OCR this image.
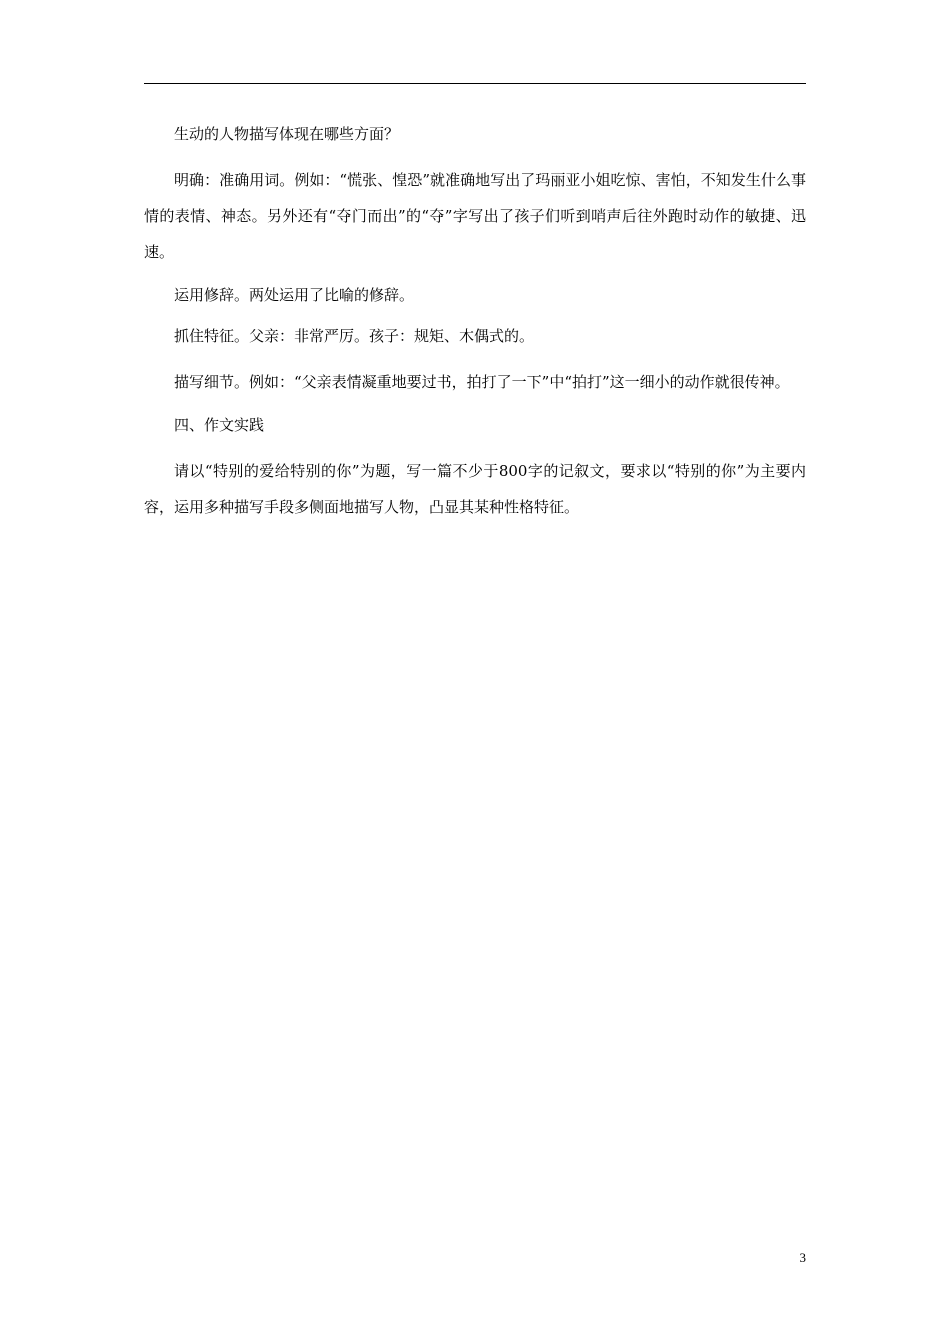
生动的人物描写体现在哪些方面？

明确：准确用词。例如：“慌张、惶恐”就准确地写出了玛丽亚小姐吃惊、害怕，不知发生什么事情的表情、神态。另外还有“夺门而出”的“夺”字写出了孩子们听到哨声后往外跑时动作的敏捷、迅速。

运用修辞。两处运用了比喻的修辞。

抓住特征。父亲：非常严厉。孩子：规矩、木偶式的。

描写细节。例如：“父亲表情凝重地要过书，拍打了一下”中“拍打”这一细小的动作就很传神。

四、作文实践

请以“特别的爱给特别的你”为题，写一篇不少于800字的记叙文，要求以“特别的你”为主要内容，运用多种描写手段多侧面地描写人物，凸显其某种性格特征。

3
